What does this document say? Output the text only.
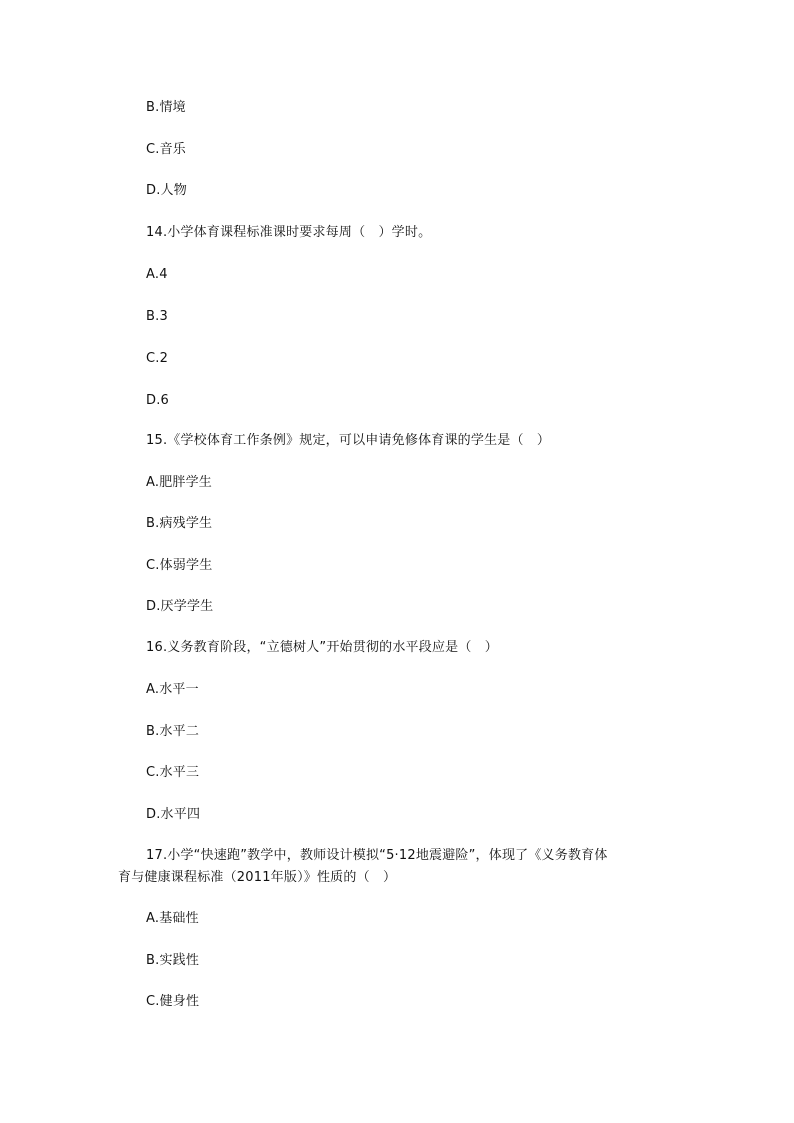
B.情境
C.音乐
D.人物
14.小学体育课程标准课时要求每周（　）学时。
A.4
B.3
C.2
D.6
15.《学校体育工作条例》规定，可以申请免修体育课的学生是（　）
A.肥胖学生
B.病残学生
C.体弱学生
D.厌学学生
16.义务教育阶段，“立德树人”开始贯彻的水平段应是（　）
A.水平一
B.水平二
C.水平三
D.水平四
17.小学“快速跑”教学中，教师设计模拟“5·12地震避险”，体现了《义务教育体
育与健康课程标准（2011年版）》性质的（　）
A.基础性
B.实践性
C.健身性
